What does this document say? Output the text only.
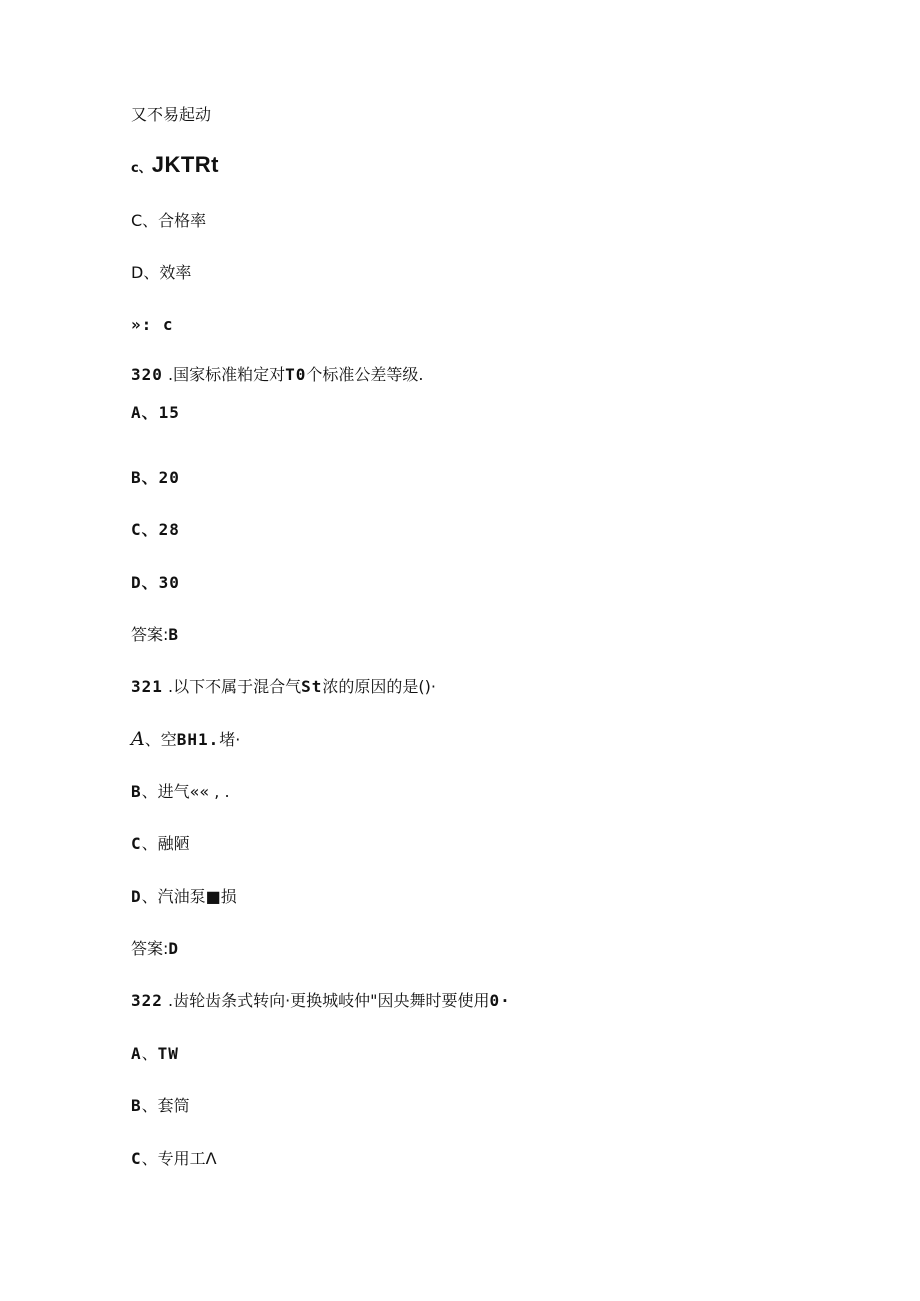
又不易起动
c、JKTRt
C、合格率
D、效率
»: c
320 .国家标准粕定对T0个标准公差等级.
A、15
B、20
C、28
D、30
答案:B
321 .以下不属于混合气St浓的原因的是()·
A、空BH1.堵·
B、进气«« , .
C、融陋
D、汽油泵■损
答案:D
322 .齿轮齿条式转向·更换城岐仲"因央舞时要使用0·
A、TW
B、套筒
C、专用工Λ
